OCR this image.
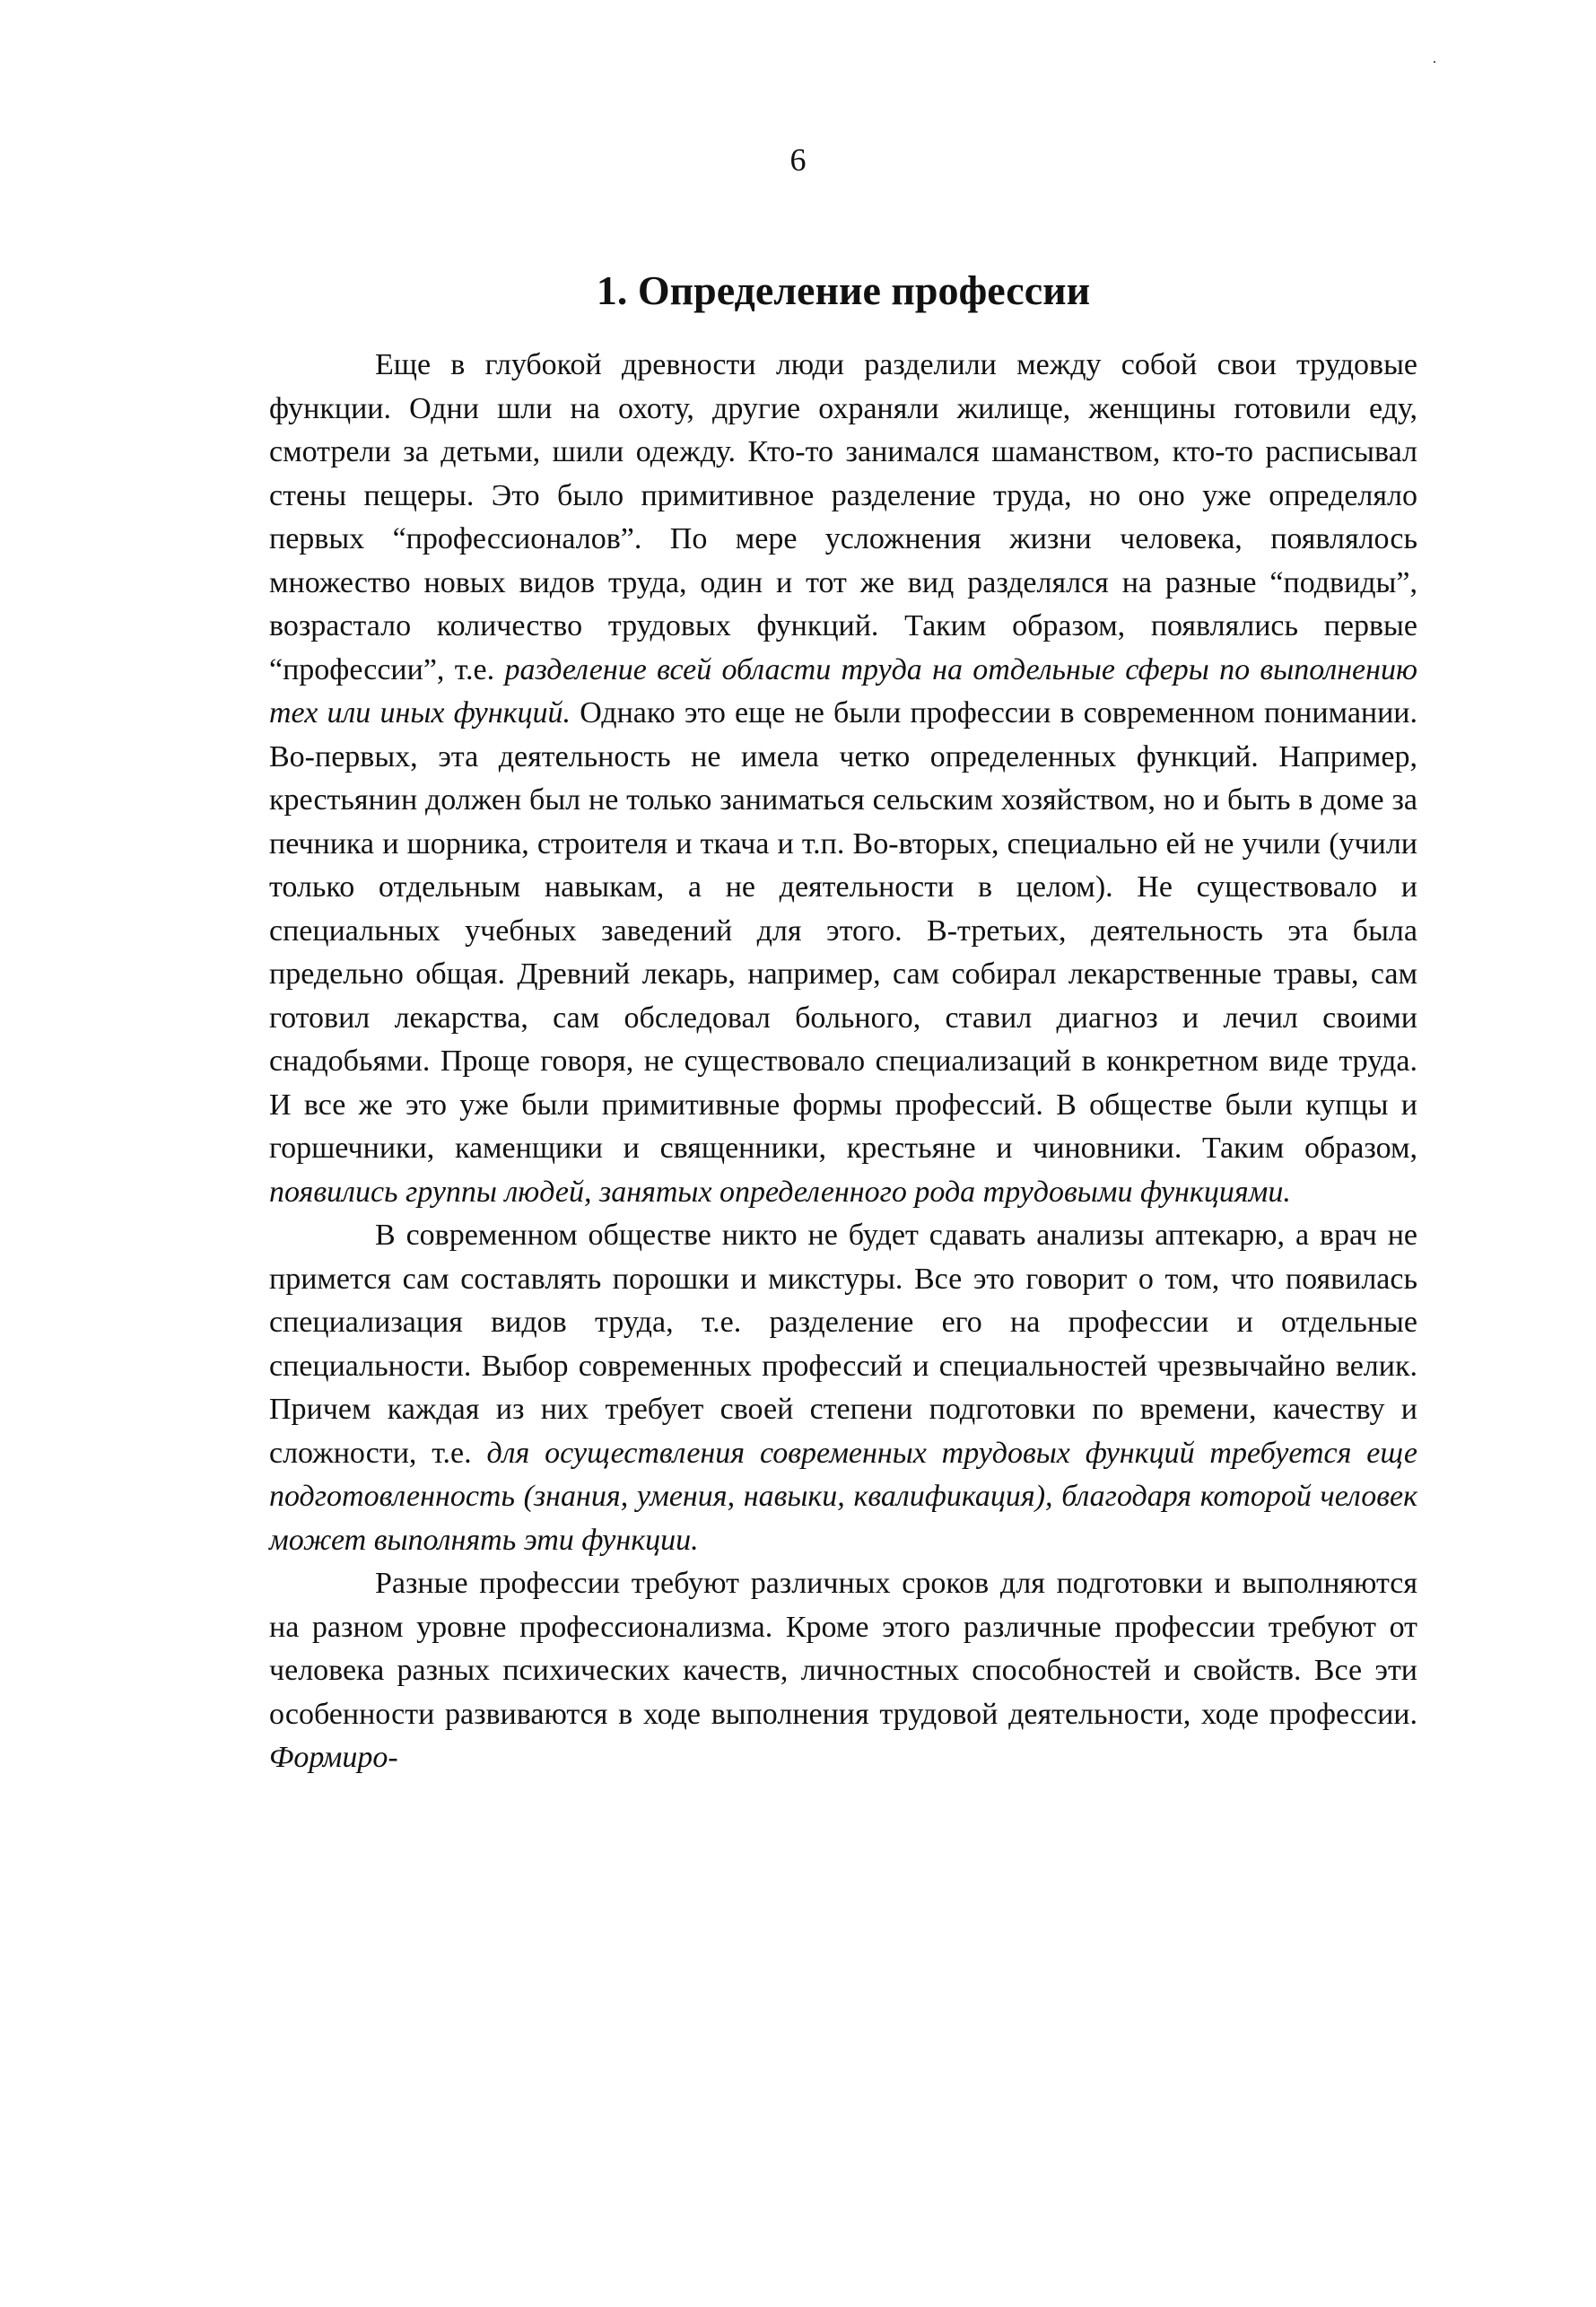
6

1. Определение профессии

Еще в глубокой древности люди разделили между собой свои трудовые функции. Одни шли на охоту, другие охраняли жилище, женщины готовили еду, смотрели за детьми, шили одежду. Кто-то занимался шаманством, кто-то расписывал стены пещеры. Это было примитивное разделение труда, но оно уже определяло первых “профессионалов”. По мере усложнения жизни человека, появлялось множество новых видов труда, один и тот же вид разделялся на разные “подвиды”, возрастало количество трудовых функций. Таким образом, появлялись первые “профессии”, т.е. разделение всей области труда на отдельные сферы по выполнению тех или иных функций. Однако это еще не были профессии в современном понимании. Во-первых, эта деятельность не имела четко определенных функций. Например, крестьянин должен был не только заниматься сельским хозяйством, но и быть в доме за печника и шорника, строителя и ткача и т.п. Во-вторых, специально ей не учили (учили только отдельным навыкам, а не деятельности в целом). Не существовало и специальных учебных заведений для этого. В-третьих, деятельность эта была предельно общая. Древний лекарь, например, сам собирал лекарственные травы, сам готовил лекарства, сам обследовал больного, ставил диагноз и лечил своими снадобьями. Проще говоря, не существовало специализаций в конкретном виде труда. И все же это уже были примитивные формы профессий. В обществе были купцы и горшечники, каменщики и священники, крестьяне и чиновники. Таким образом, появились группы людей, занятых определенного рода трудовыми функциями.

В современном обществе никто не будет сдавать анализы аптекарю, а врач не примется сам составлять порошки и микстуры. Все это говорит о том, что появилась специализация видов труда, т.е. разделение его на профессии и отдельные специальности. Выбор современных профессий и специальностей чрезвычайно велик. Причем каждая из них требует своей степени подготовки по времени, качеству и сложности, т.е. для осуществления современных трудовых функций требуется еще подготовленность (знания, умения, навыки, квалификация), благодаря которой человек может выполнять эти функции.

Разные профессии требуют различных сроков для подготовки и выполняются на разном уровне профессионализма. Кроме этого различные профессии требуют от человека разных психических качеств, личностных способностей и свойств. Все эти особенности развиваются в ходе выполнения трудовой деятельности, ходе профессии. Формиро-
